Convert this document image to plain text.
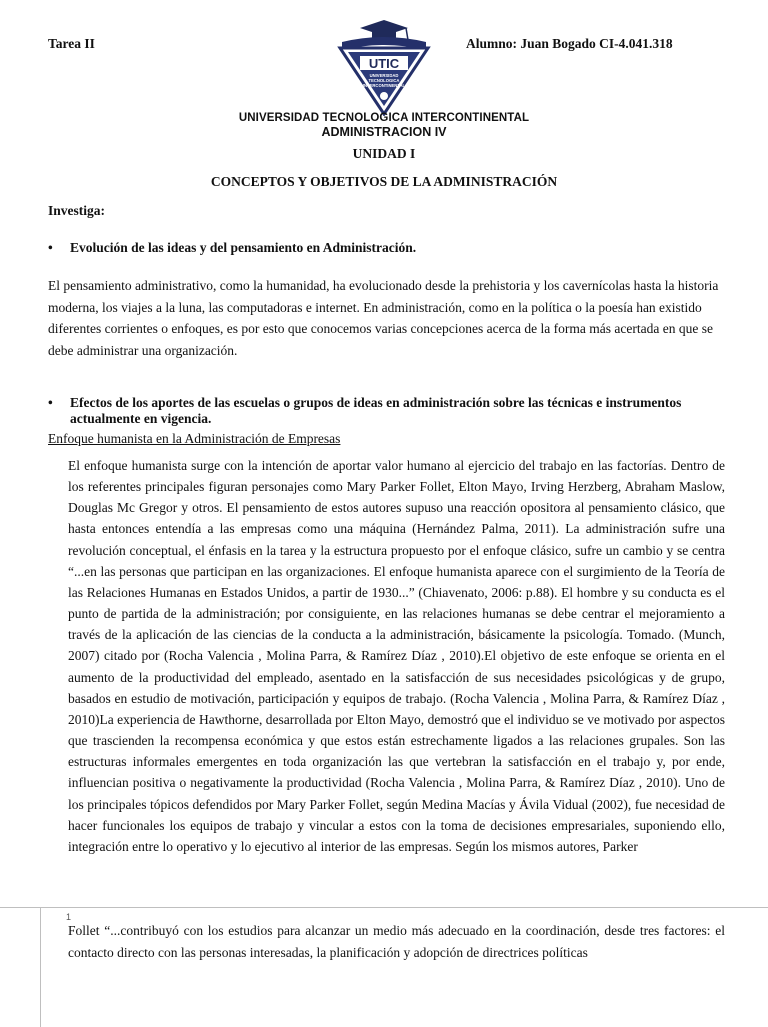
Tarea II
UTIC
UNIVERSIDAD
TECNOLOGICA
INTERCONTINENTAL
Alumno: Juan Bogado CI-4.041.318
UNIVERSIDAD TECNOLOGICA INTERCONTINENTAL
ADMINISTRACION IV
UNIDAD I
CONCEPTOS Y OBJETIVOS DE LA ADMINISTRACIÓN
Investiga:
•	Evolución de las ideas y del pensamiento en Administración.
El pensamiento administrativo, como la humanidad, ha evolucionado desde la prehistoria y los cavernícolas hasta la historia moderna, los viajes a la luna, las computadoras e internet. En administración, como en la política o la poesía han existido diferentes corrientes o enfoques, es por esto que conocemos varias concepciones acerca de la forma más acertada en que se debe administrar una organización.
•	Efectos de los aportes de las escuelas o grupos de ideas en administración sobre las técnicas e instrumentos actualmente en vigencia.
Enfoque humanista en la Administración de Empresas
El enfoque humanista surge con la intención de aportar valor humano al ejercicio del trabajo en las factorías. Dentro de los referentes principales figuran personajes como Mary Parker Follet, Elton Mayo, Irving Herzberg, Abraham Maslow, Douglas Mc Gregor y otros. El pensamiento de estos autores supuso una reacción opositora al pensamiento clásico, que hasta entonces entendía a las empresas como una máquina (Hernández Palma, 2011). La administración sufre una revolución conceptual, el énfasis en la tarea y la estructura propuesto por el enfoque clásico, sufre un cambio y se centra “...en las personas que participan en las organizaciones. El enfoque humanista aparece con el surgimiento de la Teoría de las Relaciones Humanas en Estados Unidos, a partir de 1930...” (Chiavenato, 2006: p.88). El hombre y su conducta es el punto de partida de la administración; por consiguiente, en las relaciones humanas se debe centrar el mejoramiento a través de la aplicación de las ciencias de la conducta a la administración, básicamente la psicología. Tomado. (Munch, 2007) citado por (Rocha Valencia , Molina Parra, & Ramírez Díaz , 2010).El objetivo de este enfoque se orienta en el aumento de la productividad del empleado, asentado en la satisfacción de sus necesidades psicológicas y de grupo, basados en estudio de motivación, participación y equipos de trabajo. (Rocha Valencia , Molina Parra, & Ramírez Díaz , 2010)La experiencia de Hawthorne, desarrollada por Elton Mayo, demostró que el individuo se ve motivado por aspectos que trascienden la recompensa económica y que estos están estrechamente ligados a las relaciones grupales. Son las estructuras informales emergentes en toda organización las que vertebran la satisfacción en el trabajo y, por ende, influencian positiva o negativamente la productividad (Rocha Valencia , Molina Parra, & Ramírez Díaz , 2010). Uno de los principales tópicos defendidos por Mary Parker Follet, según Medina Macías y Ávila Vidual (2002), fue necesidad de hacer funcionales los equipos de trabajo y vincular a estos con la toma de decisiones empresariales, suponiendo ello, integración entre lo operativo y lo ejecutivo al interior de las empresas. Según los mismos autores, Parker
1
Follet “...contribuyó con los estudios para alcanzar un medio más adecuado en la coordinación, desde tres factores: el contacto directo con las personas interesadas, la planificación y adopción de directrices políticas
